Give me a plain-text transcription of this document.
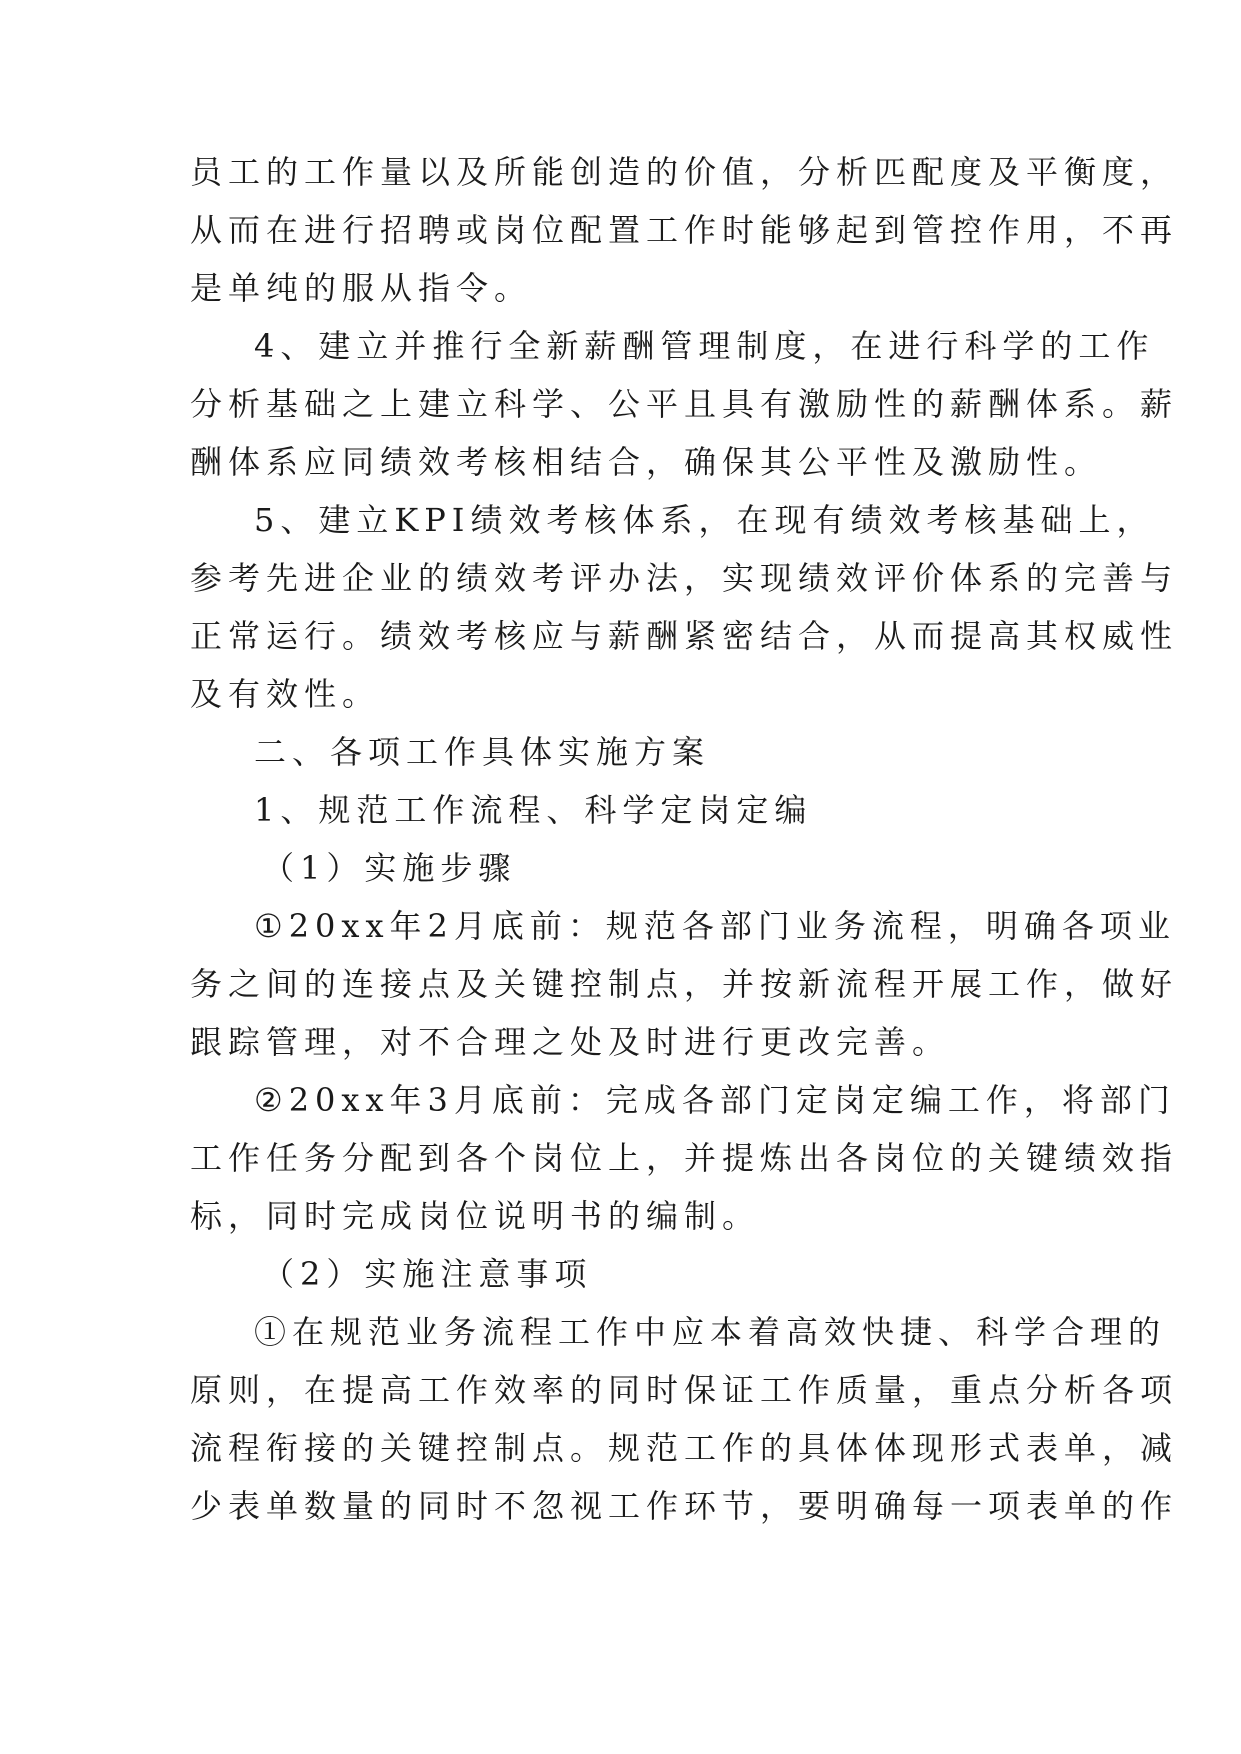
员工的工作量以及所能创造的价值，分析匹配度及平衡度，
从而在进行招聘或岗位配置工作时能够起到管控作用，不再
是单纯的服从指令。
4、建立并推行全新薪酬管理制度，在进行科学的工作
分析基础之上建立科学、公平且具有激励性的薪酬体系。薪
酬体系应同绩效考核相结合，确保其公平性及激励性。
5、建立KPI绩效考核体系，在现有绩效考核基础上，
参考先进企业的绩效考评办法，实现绩效评价体系的完善与
正常运行。绩效考核应与薪酬紧密结合，从而提高其权威性
及有效性。
二、各项工作具体实施方案
1、规范工作流程、科学定岗定编
（1）实施步骤
①20xx年2月底前：规范各部门业务流程，明确各项业
务之间的连接点及关键控制点，并按新流程开展工作，做好
跟踪管理，对不合理之处及时进行更改完善。
②20xx年3月底前：完成各部门定岗定编工作，将部门
工作任务分配到各个岗位上，并提炼出各岗位的关键绩效指
标，同时完成岗位说明书的编制。
（2）实施注意事项
①在规范业务流程工作中应本着高效快捷、科学合理的
原则，在提高工作效率的同时保证工作质量，重点分析各项
流程衔接的关键控制点。规范工作的具体体现形式表单，减
少表单数量的同时不忽视工作环节，要明确每一项表单的作
